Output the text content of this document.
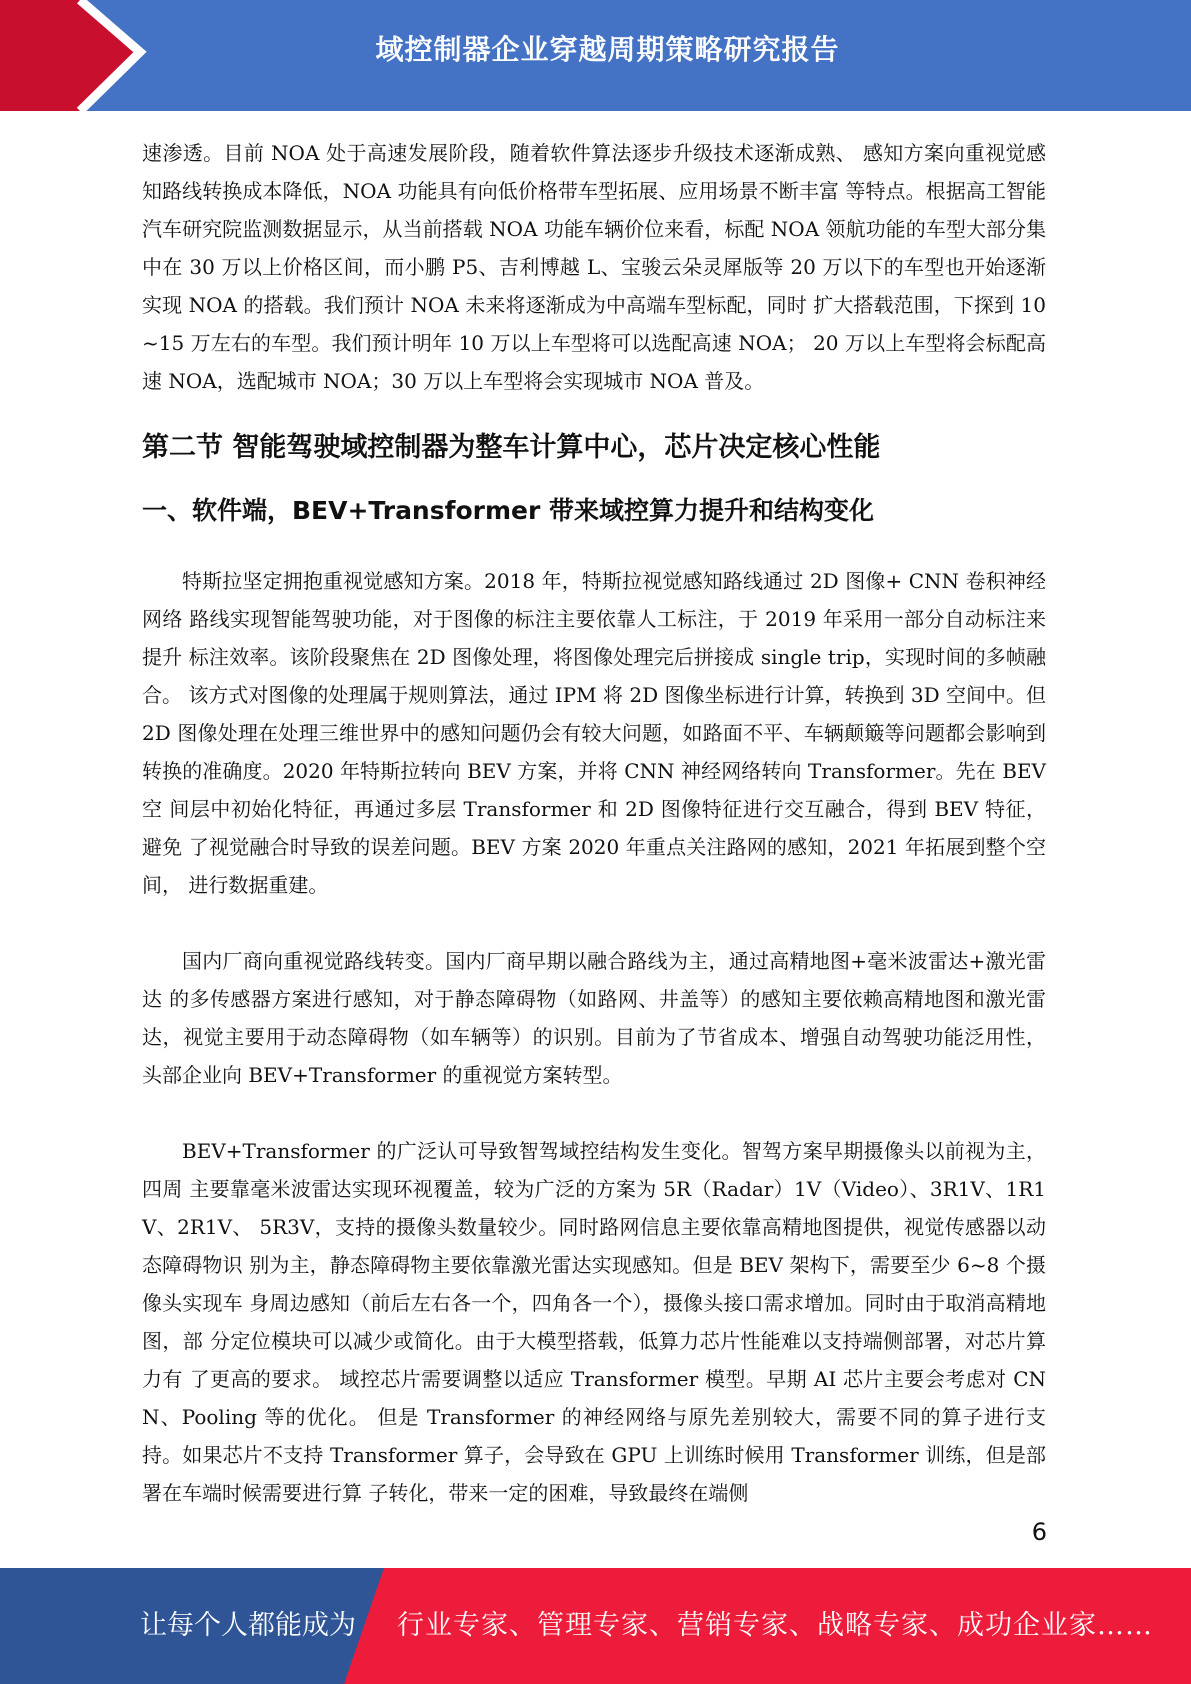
域控制器企业穿越周期策略研究报告

速渗透。目前 NOA 处于高速发展阶段，随着软件算法逐步升级技术逐渐成熟、 感知方案向重视觉感知路线转换成本降低，NOA 功能具有向低价格带车型拓展、应用场景不断丰富 等特点。根据高工智能汽车研究院监测数据显示，从当前搭载 NOA 功能车辆价位来看，标配 NOA 领航功能的车型大部分集中在 30 万以上价格区间，而小鹏 P5、吉利博越 L、宝骏云朵灵犀版等 20 万以下的车型也开始逐渐实现 NOA 的搭载。我们预计 NOA 未来将逐渐成为中高端车型标配，同时 扩大搭载范围，下探到 10~15 万左右的车型。我们预计明年 10 万以上车型将可以选配高速 NOA； 20 万以上车型将会标配高速 NOA，选配城市 NOA；30 万以上车型将会实现城市 NOA 普及。

第二节 智能驾驶域控制器为整车计算中心，芯片决定核心性能
一、软件端，BEV+Transformer 带来域控算力提升和结构变化

特斯拉坚定拥抱重视觉感知方案。2018 年，特斯拉视觉感知路线通过 2D 图像+ CNN 卷积神经网络 路线实现智能驾驶功能，对于图像的标注主要依靠人工标注，于 2019 年采用一部分自动标注来提升 标注效率。该阶段聚焦在 2D 图像处理，将图像处理完后拼接成 single trip，实现时间的多帧融合。 该方式对图像的处理属于规则算法，通过 IPM 将 2D 图像坐标进行计算，转换到 3D 空间中。但 2D 图像处理在处理三维世界中的感知问题仍会有较大问题，如路面不平、车辆颠簸等问题都会影响到 转换的准确度。2020 年特斯拉转向 BEV 方案，并将 CNN 神经网络转向 Transformer。先在 BEV 空 间层中初始化特征，再通过多层 Transformer 和 2D 图像特征进行交互融合，得到 BEV 特征，避免 了视觉融合时导致的误差问题。BEV 方案 2020 年重点关注路网的感知，2021 年拓展到整个空间， 进行数据重建。

国内厂商向重视觉路线转变。国内厂商早期以融合路线为主，通过高精地图+毫米波雷达+激光雷达 的多传感器方案进行感知，对于静态障碍物（如路网、井盖等）的感知主要依赖高精地图和激光雷 达，视觉主要用于动态障碍物（如车辆等）的识别。目前为了节省成本、增强自动驾驶功能泛用性， 头部企业向 BEV+Transformer 的重视觉方案转型。

BEV+Transformer 的广泛认可导致智驾域控结构发生变化。智驾方案早期摄像头以前视为主，四周 主要靠毫米波雷达实现环视覆盖，较为广泛的方案为 5R（Radar）1V（Video）、3R1V、1R1V、2R1V、 5R3V，支持的摄像头数量较少。同时路网信息主要依靠高精地图提供，视觉传感器以动态障碍物识 别为主，静态障碍物主要依靠激光雷达实现感知。但是 BEV 架构下，需要至少 6~8 个摄像头实现车 身周边感知（前后左右各一个，四角各一个），摄像头接口需求增加。同时由于取消高精地图，部 分定位模块可以减少或简化。由于大模型搭载，低算力芯片性能难以支持端侧部署，对芯片算力有 了更高的要求。 域控芯片需要调整以适应 Transformer 模型。早期 AI 芯片主要会考虑对 CNN、Pooling 等的优化。 但是 Transformer 的神经网络与原先差别较大，需要不同的算子进行支持。如果芯片不支持 Transformer 算子，会导致在 GPU 上训练时候用 Transformer 训练，但是部署在车端时候需要进行算 子转化，带来一定的困难，导致最终在端侧

6
让每个人都能成为 行业专家、管理专家、营销专家、战略专家、成功企业家……
